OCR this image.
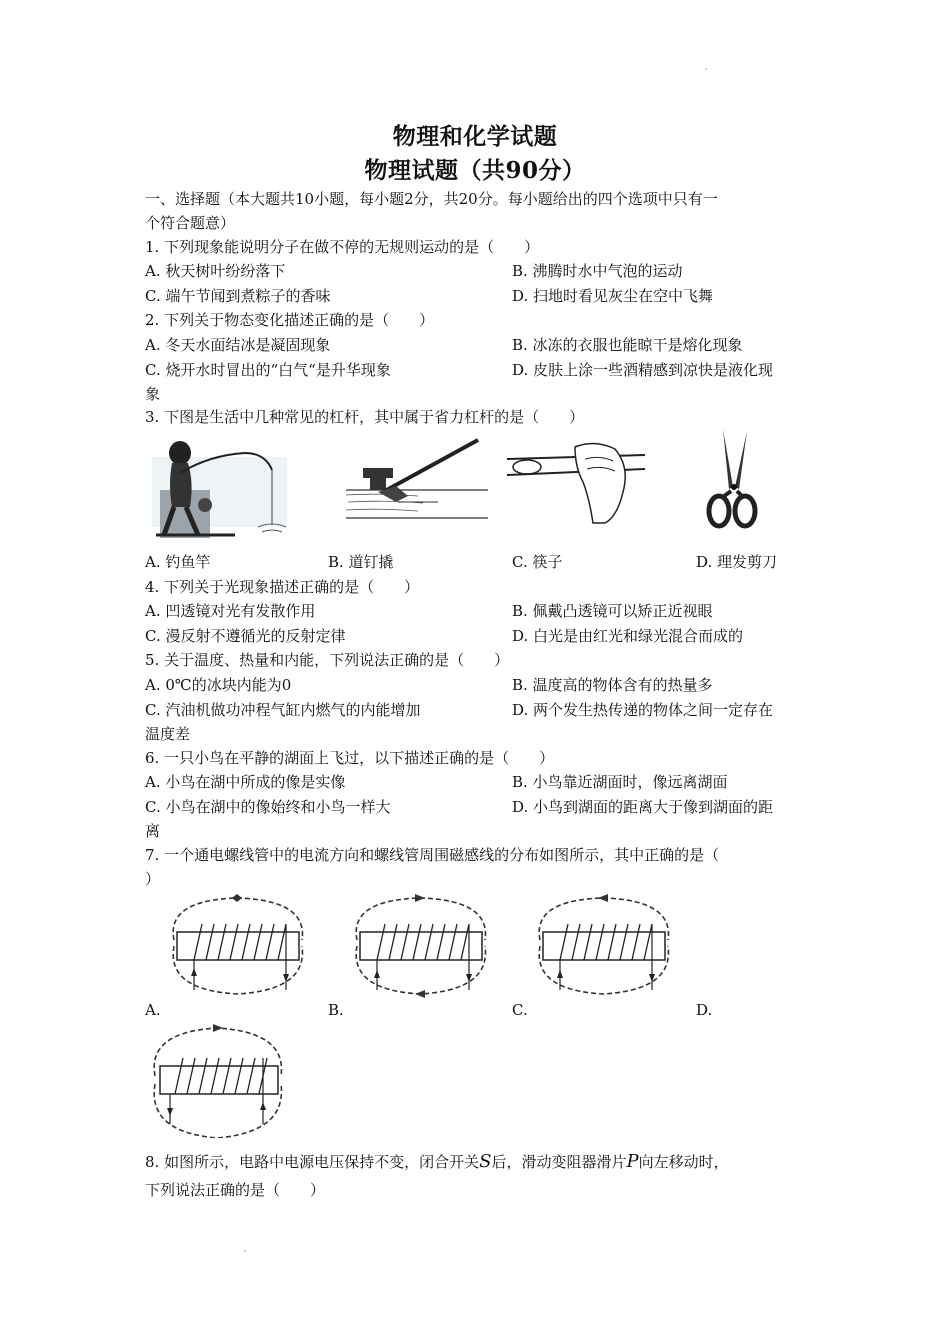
物理和化学试题
物理试题（共90分）
一、选择题（本大题共10小题，每小题2分，共20分。每小题给出的四个选项中只有一
个符合题意）
1. 下列现象能说明分子在做不停的无规则运动的是（　　）
A. 秋天树叶纷纷落下	B. 沸腾时水中气泡的运动
C. 端午节闻到煮粽子的香味	D. 扫地时看见灰尘在空中飞舞
2. 下列关于物态变化描述正确的是（　　）
A. 冬天水面结冰是凝固现象	B. 冰冻的衣服也能晾干是熔化现象
C. 烧开水时冒出的“白气“是升华现象	D. 皮肤上涂一些酒精感到凉快是液化现
象
3. 下图是生活中几种常见的杠杆，其中属于省力杠杆的是（　　）
A. 钓鱼竿	B. 道钉撬	C. 筷子	D. 理发剪刀
4. 下列关于光现象描述正确的是（　　）
A. 凹透镜对光有发散作用	B. 佩戴凸透镜可以矫正近视眼
C. 漫反射不遵循光的反射定律	D. 白光是由红光和绿光混合而成的
5. 关于温度、热量和内能，下列说法正确的是（　　）
A. 0℃的冰块内能为0	B. 温度高的物体含有的热量多
C. 汽油机做功冲程气缸内燃气的内能增加	D. 两个发生热传递的物体之间一定存在
温度差
6. 一只小鸟在平静的湖面上飞过，以下描述正确的是（　　）
A. 小鸟在湖中所成的像是实像	B. 小鸟靠近湖面时，像远离湖面
C. 小鸟在湖中的像始终和小鸟一样大	D. 小鸟到湖面的距离大于像到湖面的距
离
7. 一个通电螺线管中的电流方向和螺线管周围磁感线的分布如图所示，其中正确的是（
）
A.	B.	C.	D.
8. 如图所示，电路中电源电压保持不变，闭合开关S后，滑动变阻器滑片P向左移动时，
下列说法正确的是（　　）
